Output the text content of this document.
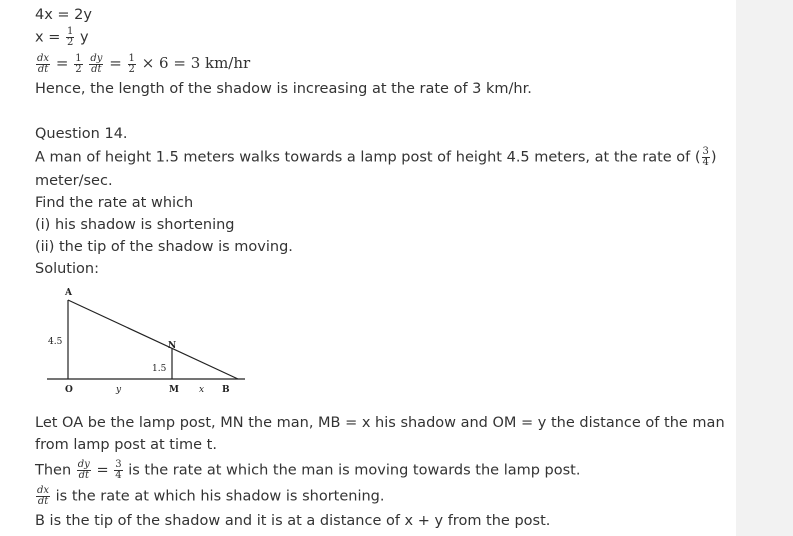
4x = 2y
$x = \frac{1}{2}$ y
$\frac{dx}{dt} = \frac{1}{2}$
$\frac{dy}{dt} = \frac{1}{2} \times 6 = 3$ km/hr
Hence, the length of the shadow is increasing at the rate of 3 km/hr.
Question 14.
A man of height 1.5 meters walks towards a lamp post of height 4.5 meters, at the rate of ( $\frac{3}{4}$ )
meter/sec.
Find the rate at which
(i) his shadow is shortening
(ii) the tip of the shadow is moving.
Solution:
A
4.5	N
1.5
O	y	M x B
Let OA be the lamp post, MN the man, MB = x his shadow and OM = y the distance of the man
from lamp post at time t.
Then $\frac{dy}{dt} = \frac{3}{4}$ is the rate at which the man is moving towards the lamp post.
$\frac{dx}{dt}$ is the rate at which his shadow is shortening.
B is the tip of the shadow and it is at a distance of x + y from the post.
